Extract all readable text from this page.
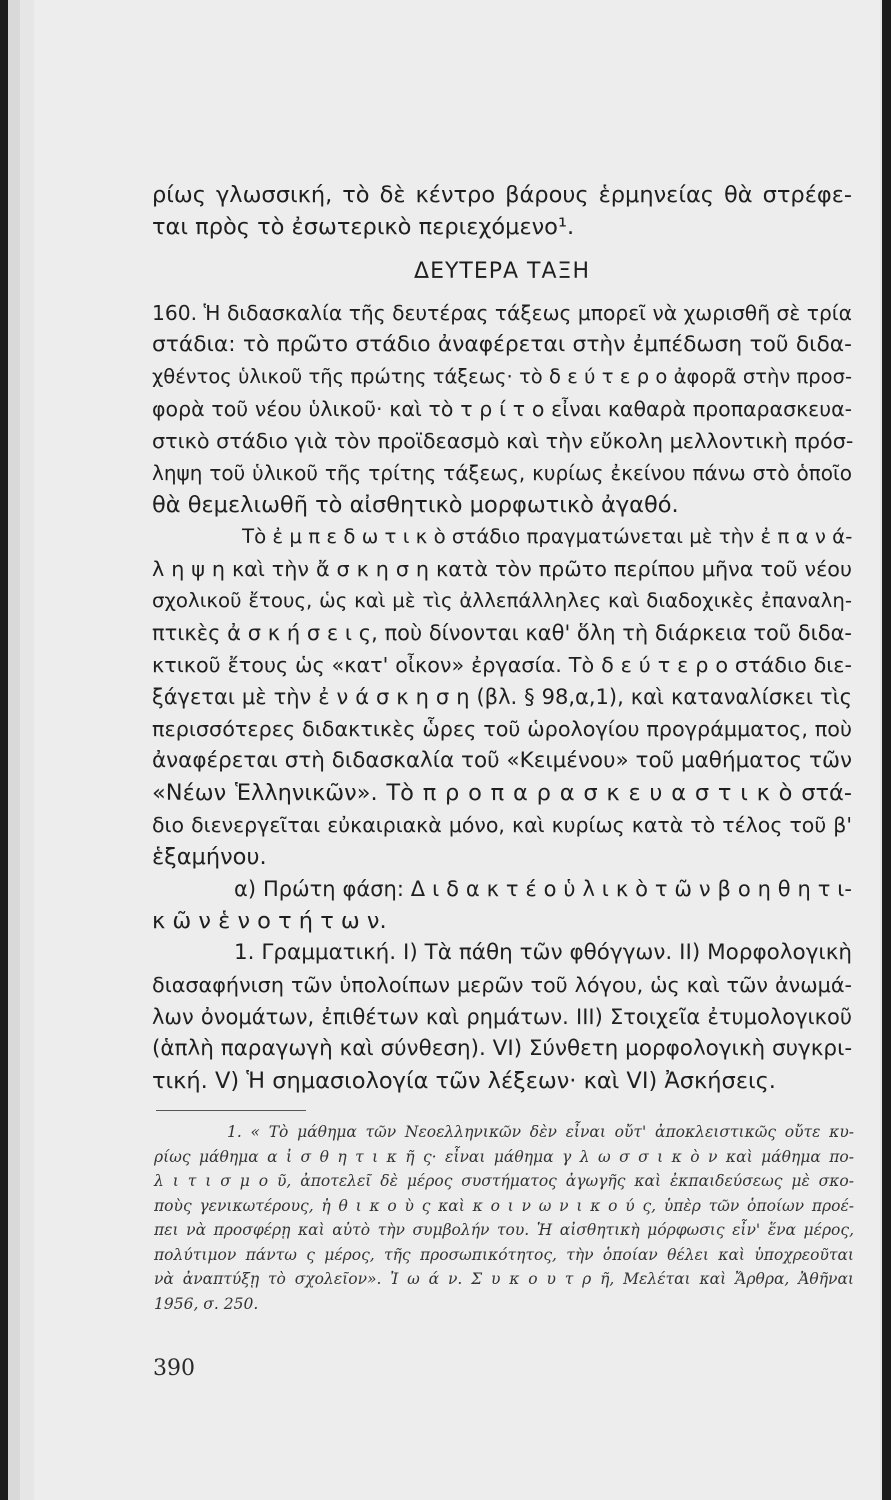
ρίως γλωσσική, τὸ δὲ κέντρο βάρους ἑρμηνείας θὰ στρέφε-
ται πρὸς τὸ ἐσωτερικὸ περιεχόμενο¹.
ΔΕΥΤΕΡΑ ΤΑΞΗ
160. Ἡ διδασκαλία τῆς δευτέρας τάξεως μπορεῖ νὰ χωρισθῆ σὲ τρία
στάδια: τὸ πρῶτο στάδιο ἀναφέρεται στὴν ἐμπέδωση τοῦ διδα-
χθέντος ὑλικοῦ τῆς πρώτης τάξεως· τὸ δ ε ύ τ ε ρ ο ἀφορᾶ στὴν προσ-
φορὰ τοῦ νέου ὑλικοῦ· καὶ τὸ τ ρ ί τ ο εἶναι καθαρὰ προπαρασκευα-
στικὸ στάδιο γιὰ τὸν προϊδεασμὸ καὶ τὴν εὔκολη μελλοντικὴ πρόσ-
ληψη τοῦ ὑλικοῦ τῆς τρίτης τάξεως, κυρίως ἐκείνου πάνω στὸ ὁποῖο
θὰ θεμελιωθῆ τὸ αἰσθητικὸ μορφωτικὸ ἀγαθό.
Τὸ ἐ μ π ε δ ω τ ι κ ὸ στάδιο πραγματώνεται μὲ τὴν ἐ π α ν ά-
λ η ψ η καὶ τὴν ἄ σ κ η σ η κατὰ τὸν πρῶτο περίπου μῆνα τοῦ νέου
σχολικοῦ ἔτους, ὡς καὶ μὲ τὶς ἀλλεπάλληλες καὶ διαδοχικὲς ἐπαναλη-
πτικὲς ἀ σ κ ή σ ε ι ς, ποὺ δίνονται καθ' ὅλη τὴ διάρκεια τοῦ διδα-
κτικοῦ ἔτους ὡς «κατ' οἶκον» ἐργασία. Τὸ δ ε ύ τ ε ρ ο στάδιο διε-
ξάγεται μὲ τὴν ἐ ν ά σ κ η σ η (βλ. § 98,α,1), καὶ καταναλίσκει τὶς
περισσότερες διδακτικὲς ὧρες τοῦ ὡρολογίου προγράμματος, ποὺ
ἀναφέρεται στὴ διδασκαλία τοῦ «Κειμένου» τοῦ μαθήματος τῶν
«Νέων Ἑλληνικῶν». Τὸ π ρ ο π α ρ α σ κ ε υ α σ τ ι κ ὸ στά-
διο διενεργεῖται εὐκαιριακὰ μόνο, καὶ κυρίως κατὰ τὸ τέλος τοῦ β'
ἑξαμήνου.
α) Πρώτη φάση: Δ ι δ α κ τ έ ο ὑ λ ι κ ὸ τ ῶ ν β ο η θ η τ ι-
κ ῶ ν ἑ ν ο τ ή τ ω ν.
1. Γραμματική. Ι) Τὰ πάθη τῶν φθόγγων. ΙΙ) Μορφολογικὴ
διασαφήνιση τῶν ὑπολοίπων μερῶν τοῦ λόγου, ὡς καὶ τῶν ἀνωμά-
λων ὀνομάτων, ἐπιθέτων καὶ ρημάτων. ΙΙΙ) Στοιχεῖα ἐτυμολογικοῦ
(ἁπλὴ παραγωγὴ καὶ σύνθεση). VI) Σύνθετη μορφολογικὴ συγκρι-
τική. V) Ἡ σημασιολογία τῶν λέξεων· καὶ VI) Ἀσκήσεις.
1. « Τὸ μάθημα τῶν Νεοελληνικῶν δὲν εἶναι οὔτ' ἀποκλειστικῶς οὔτε κυ-
ρίως μάθημα α ἰ σ θ η τ ι κ ῆ ς· εἶναι μάθημα γ λ ω σ σ ι κ ὸ ν καὶ μάθημα πο-
λ ι τ ι σ μ ο ῦ, ἀποτελεῖ δὲ μέρος συστήματος ἀγωγῆς καὶ ἐκπαιδεύσεως μὲ σκο-
ποὺς γενικωτέρους, ἠ θ ι κ ο ὺ ς καὶ κ ο ι ν ω ν ι κ ο ύ ς, ὑπὲρ τῶν ὁποίων προέ-
πει νὰ προσφέρῃ καὶ αὐτὸ τὴν συμβολήν του. Ἡ αἰσθητικὴ μόρφωσις εἶν' ἕνα μέρος,
πολύτιμον πάντω ς μέρος, τῆς προσωπικότητος, τὴν ὁποίαν θέλει καὶ ὑποχρεοῦται
νὰ ἀναπτύξῃ τὸ σχολεῖον». Ἰ ω ά ν. Σ υ κ ο υ τ ρ ῆ, Μελέται καὶ Ἄρθρα, Ἀθῆναι
1956, σ. 250.
390
